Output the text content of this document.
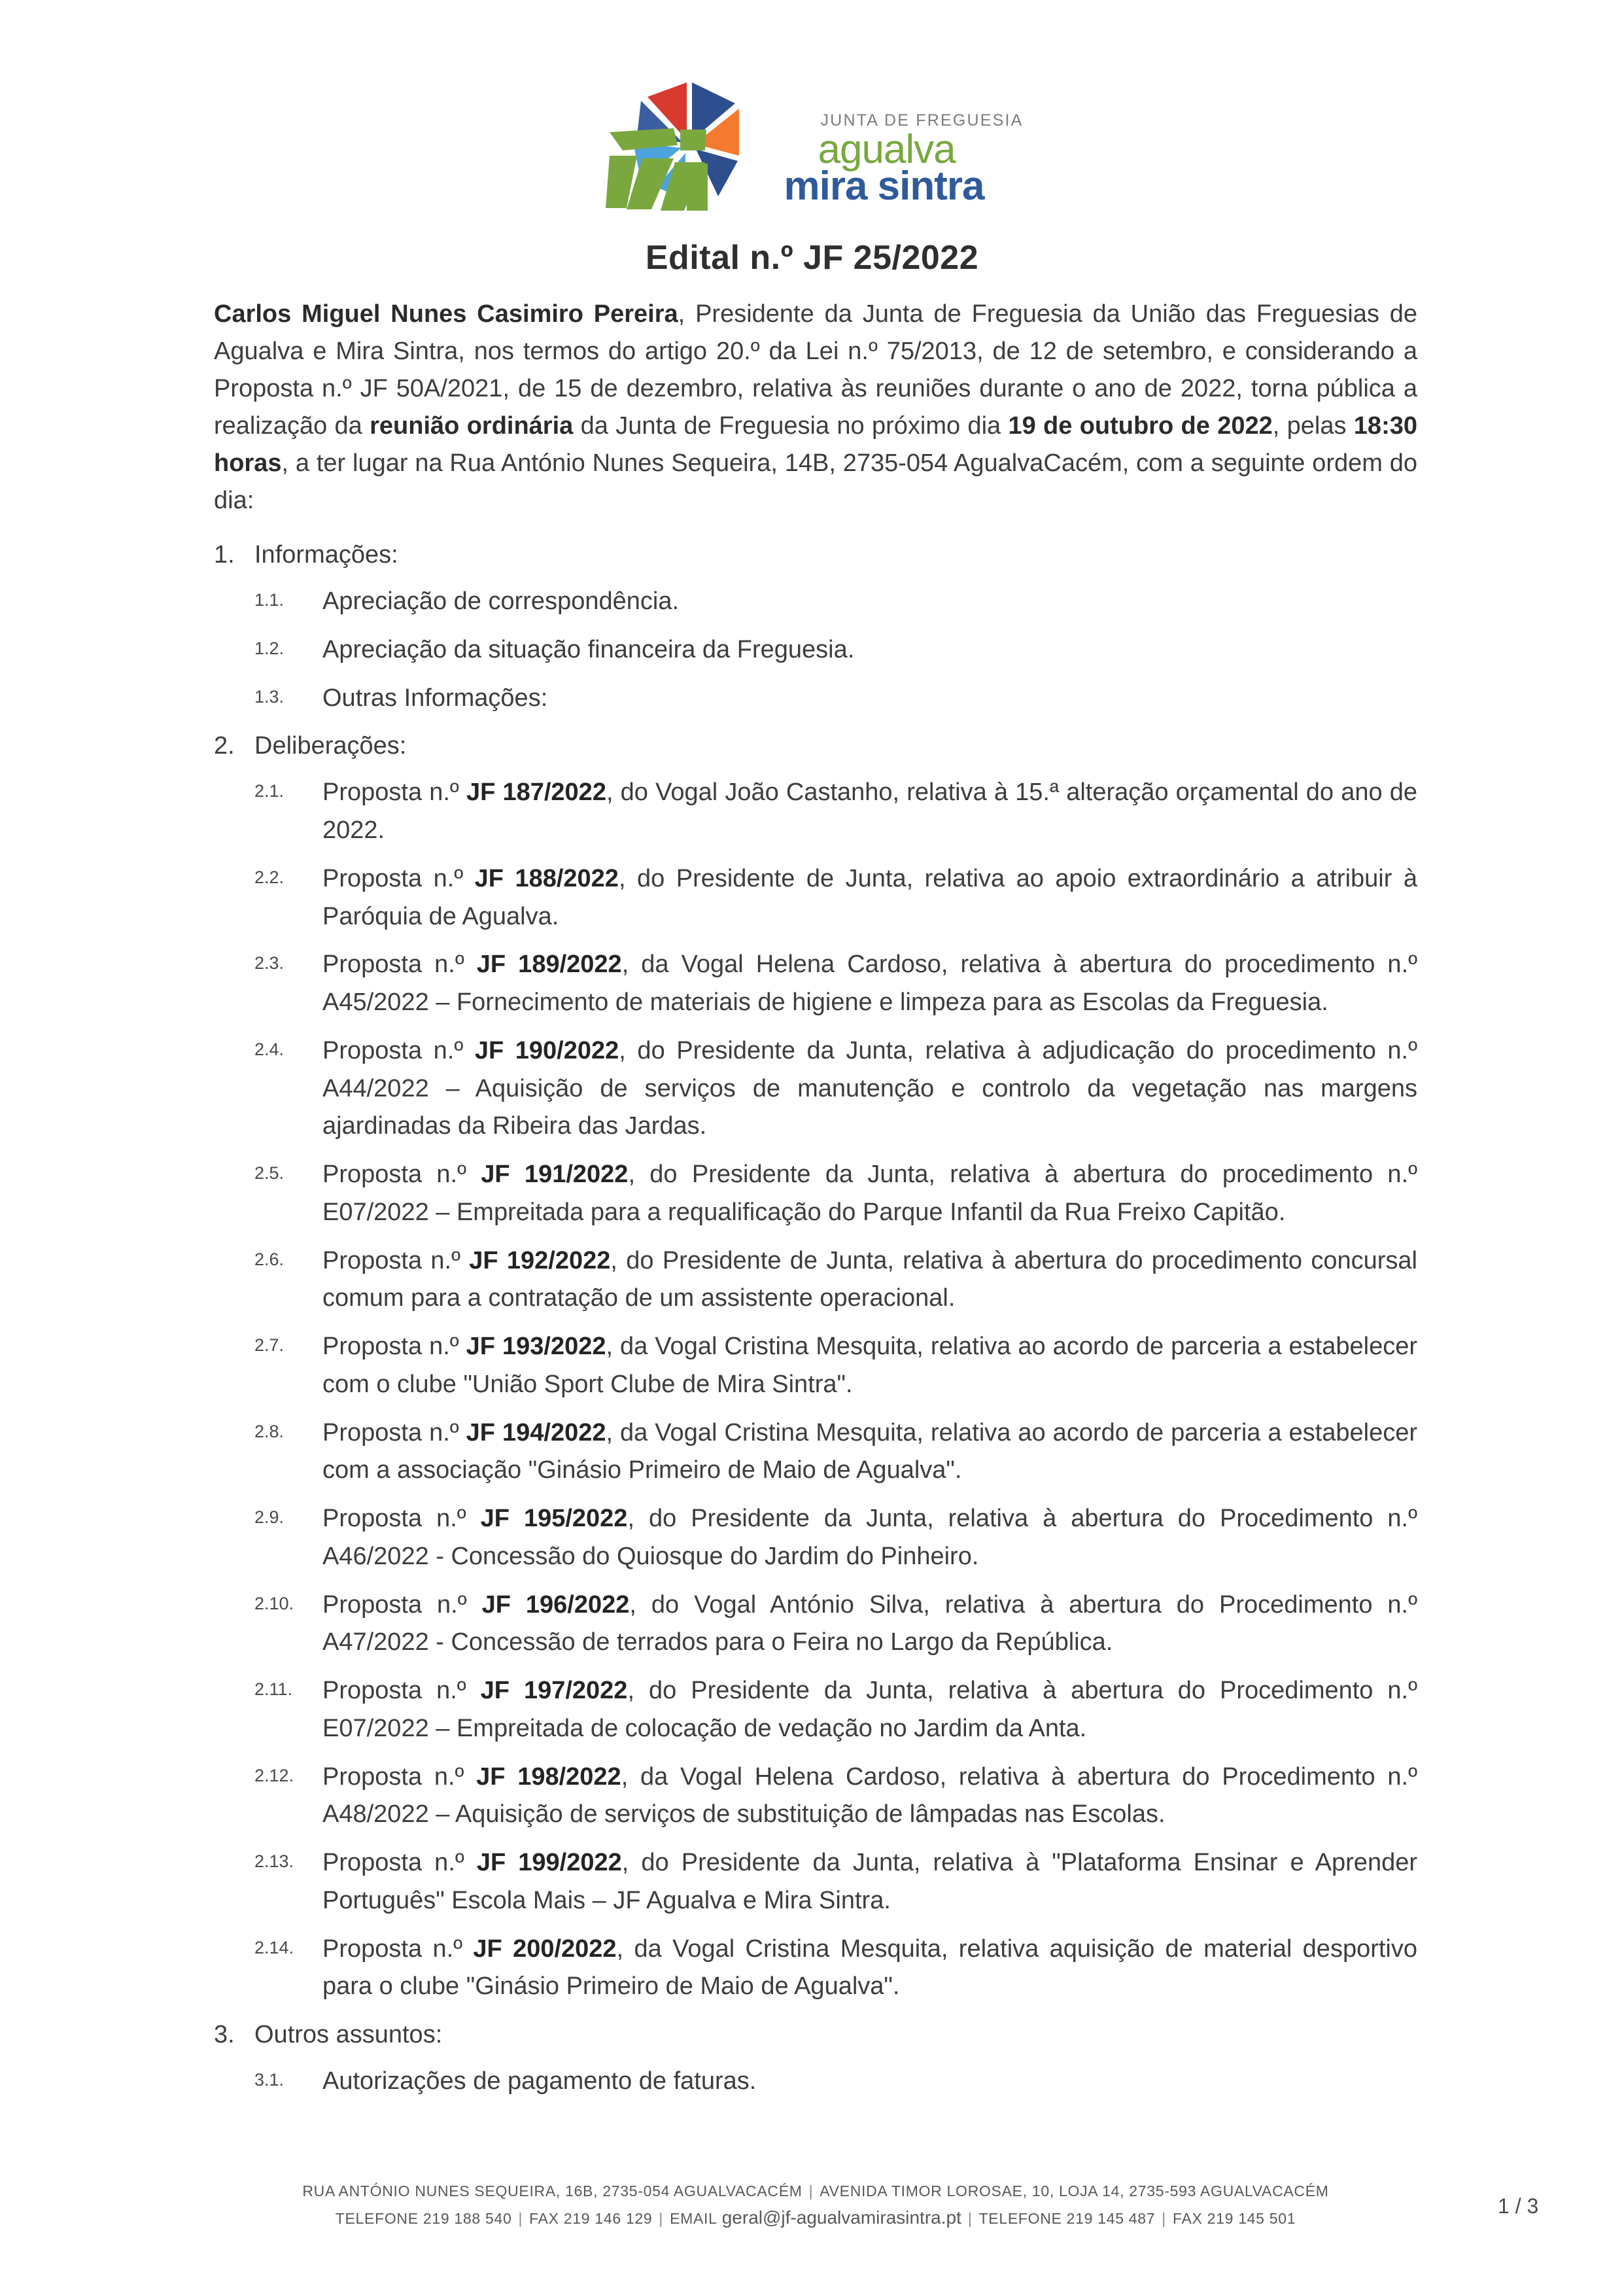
JUNTA DE FREGUESIA
agualva
mira sintra
Edital n.º JF 25/2022

Carlos Miguel Nunes Casimiro Pereira, Presidente da Junta de Freguesia da União das Freguesias de Agualva e Mira Sintra, nos termos do artigo 20.º da Lei n.º 75/2013, de 12 de setembro, e considerando a Proposta n.º JF 50A/2021, de 15 de dezembro, relativa às reuniões durante o ano de 2022, torna pública a realização da reunião ordinária da Junta de Freguesia no próximo dia 19 de outubro de 2022, pelas 18:30 horas, a ter lugar na Rua António Nunes Sequeira, 14B, 2735-054 AgualvaCacém, com a seguinte ordem do dia:

1. Informações:
1.1.	Apreciação de correspondência.
1.2.	Apreciação da situação financeira da Freguesia.
1.3.	Outras Informações:
2. Deliberações:
2.1.	Proposta n.º JF 187/2022, do Vogal João Castanho, relativa à 15.ª alteração orçamental do ano de 2022.
2.2.	Proposta n.º JF 188/2022, do Presidente de Junta, relativa ao apoio extraordinário a atribuir à Paróquia de Agualva.
2.3.	Proposta n.º JF 189/2022, da Vogal Helena Cardoso, relativa à abertura do procedimento n.º A45/2022 – Fornecimento de materiais de higiene e limpeza para as Escolas da Freguesia.
2.4.	Proposta n.º JF 190/2022, do Presidente da Junta, relativa à adjudicação do procedimento n.º A44/2022 – Aquisição de serviços de manutenção e controlo da vegetação nas margens ajardinadas da Ribeira das Jardas.
2.5.	Proposta n.º JF 191/2022, do Presidente da Junta, relativa à abertura do procedimento n.º E07/2022 – Empreitada para a requalificação do Parque Infantil da Rua Freixo Capitão.
2.6.	Proposta n.º JF 192/2022, do Presidente de Junta, relativa à abertura do procedimento concursal comum para a contratação de um assistente operacional.
2.7.	Proposta n.º JF 193/2022, da Vogal Cristina Mesquita, relativa ao acordo de parceria a estabelecer com o clube "União Sport Clube de Mira Sintra".
2.8.	Proposta n.º JF 194/2022, da Vogal Cristina Mesquita, relativa ao acordo de parceria a estabelecer com a associação "Ginásio Primeiro de Maio de Agualva".
2.9.	Proposta n.º JF 195/2022, do Presidente da Junta, relativa à abertura do Procedimento n.º A46/2022 - Concessão do Quiosque do Jardim do Pinheiro.
2.10.	Proposta n.º JF 196/2022, do Vogal António Silva, relativa à abertura do Procedimento n.º A47/2022 - Concessão de terrados para o Feira no Largo da República.
2.11.	Proposta n.º JF 197/2022, do Presidente da Junta, relativa à abertura do Procedimento n.º E07/2022 – Empreitada de colocação de vedação no Jardim da Anta.
2.12.	Proposta n.º JF 198/2022, da Vogal Helena Cardoso, relativa à abertura do Procedimento n.º A48/2022 – Aquisição de serviços de substituição de lâmpadas nas Escolas.
2.13.	Proposta n.º JF 199/2022, do Presidente da Junta, relativa à "Plataforma Ensinar e Aprender Português" Escola Mais – JF Agualva e Mira Sintra.
2.14.	Proposta n.º JF 200/2022, da Vogal Cristina Mesquita, relativa aquisição de material desportivo para o clube "Ginásio Primeiro de Maio de Agualva".
3. Outros assuntos:
3.1.	Autorizações de pagamento de faturas.
RUA ANTÓNIO NUNES SEQUEIRA, 16B, 2735-054 AGUALVACACÉM | AVENIDA TIMOR LOROSAE, 10, LOJA 14, 2735-593 AGUALVACACÉM
TELEFONE 219 188 540 | FAX 219 146 129 | EMAIL geral@jf-agualvamirasintra.pt | TELEFONE 219 145 487 | FAX 219 145 501
1 / 3
